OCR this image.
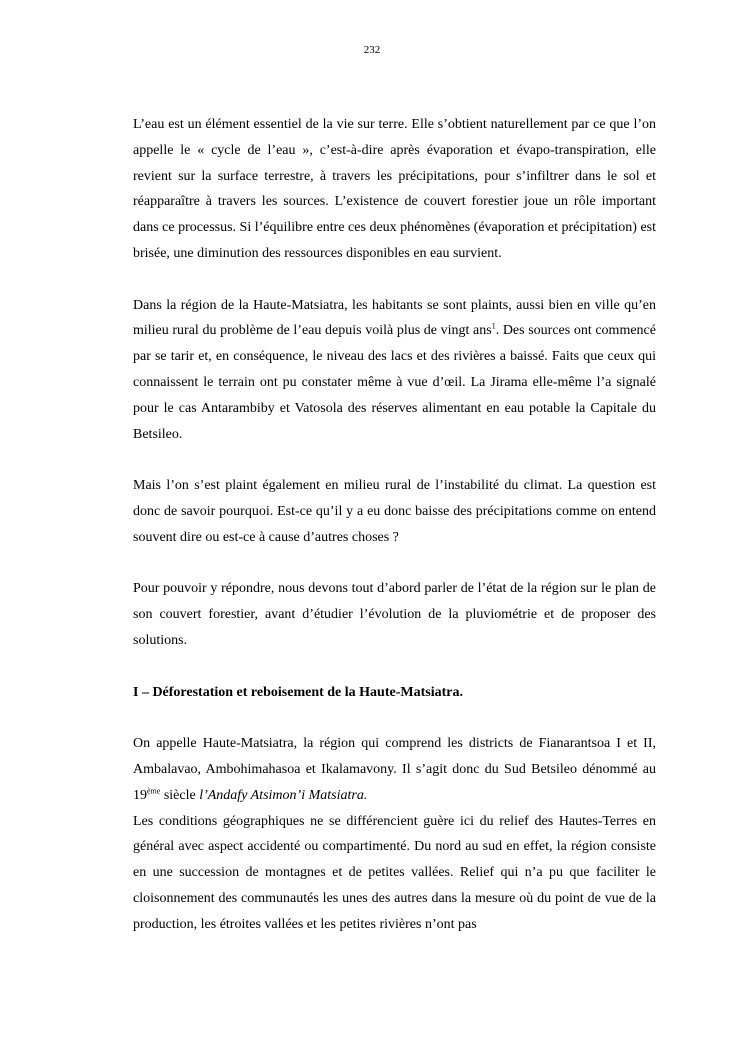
232

L’eau est un élément essentiel de la vie sur terre. Elle s’obtient naturellement par ce que l’on appelle le « cycle de l’eau », c’est-à-dire après évaporation et évapo-transpiration, elle revient sur la surface terrestre, à travers les précipitations, pour s’infiltrer dans le sol et réapparaître à travers les sources. L’existence de couvert forestier joue un rôle important dans ce processus. Si l’équilibre entre ces deux phénomènes (évaporation et précipitation) est brisée, une diminution des ressources disponibles en eau survient.

Dans la région de la Haute-Matsiatra, les habitants se sont plaints, aussi bien en ville qu’en milieu rural du problème de l’eau depuis voilà plus de vingt ans$^1$. Des sources ont commencé par se tarir et, en conséquence, le niveau des lacs et des rivières a baissé. Faits que ceux qui connaissent le terrain ont pu constater même à vue d’œil. La Jirama elle-même l’a signalé pour le cas Antarambiby et Vatosola des réserves alimentant en eau potable la Capitale du Betsileo.

Mais l’on s’est plaint également en milieu rural de l’instabilité du climat. La question est donc de savoir pourquoi. Est-ce qu’il y a eu donc baisse des précipitations comme on entend souvent dire ou est-ce à cause d’autres choses ?

Pour pouvoir y répondre, nous devons tout d’abord parler de l’état de la région sur le plan de son couvert forestier, avant d’étudier l’évolution de la pluviométrie et de proposer des solutions.

I – Déforestation et reboisement de la Haute-Matsiatra.

On appelle Haute-Matsiatra, la région qui comprend les districts de Fianarantsoa I et II, Ambalavao, Ambohimahasoa et Ikalamavony. Il s’agit donc du Sud Betsileo dénommé au 19ème siècle l’Andafy Atsimon’i Matsiatra.

Les conditions géographiques ne se différencient guère ici du relief des Hautes-Terres en général avec aspect accidenté ou compartimenté. Du nord au sud en effet, la région consiste en une succession de montagnes et de petites vallées. Relief qui n’a pu que faciliter le cloisonnement des communautés les unes des autres dans la mesure où du point de vue de la production, les étroites vallées et les petites rivières n’ont pas
